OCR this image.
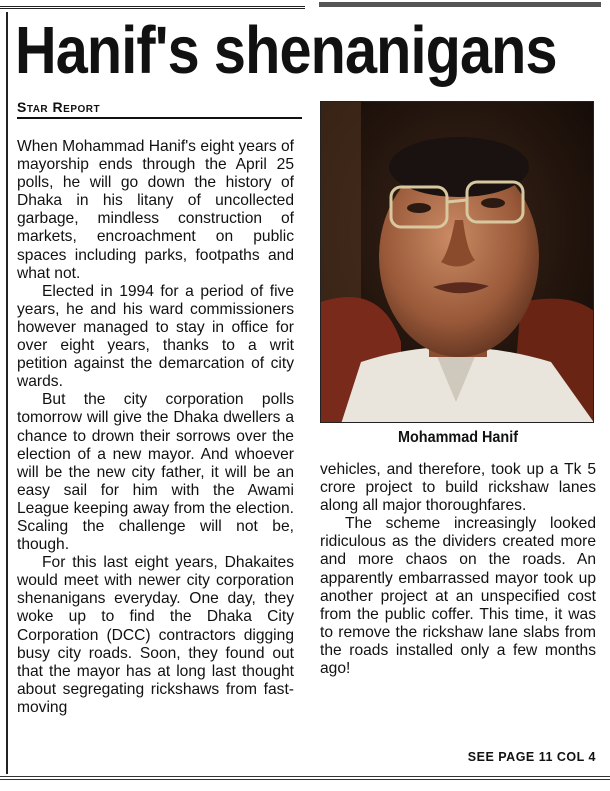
Hanif's shenanigans
Star Report

When Mohammad Hanif's eight years of mayorship ends through the April 25 polls, he will go down the history of Dhaka in his litany of uncollected garbage, mindless construction of markets, encroachment on public spaces including parks, footpaths and what not.

Elected in 1994 for a period of five years, he and his ward commissioners however managed to stay in office for over eight years, thanks to a writ petition against the demarcation of city wards.

But the city corporation polls tomorrow will give the Dhaka dwellers a chance to drown their sorrows over the election of a new mayor. And whoever will be the new city father, it will be an easy sail for him with the Awami League keeping away from the election. Scaling the challenge will not be, though.

For this last eight years, Dhakaites would meet with newer city corporation shenanigans everyday. One day, they woke up to find the Dhaka City Corporation (DCC) contractors digging busy city roads. Soon, they found out that the mayor has at long last thought about segregating rickshaws from fast-moving

Mohammad Hanif

vehicles, and therefore, took up a Tk 5 crore project to build rickshaw lanes along all major thoroughfares.

The scheme increasingly looked ridiculous as the dividers created more and more chaos on the roads. An apparently embarrassed mayor took up another project at an unspecified cost from the public coffer. This time, it was to remove the rickshaw lane slabs from the roads installed only a few months ago!

SEE PAGE 11 COL 4
